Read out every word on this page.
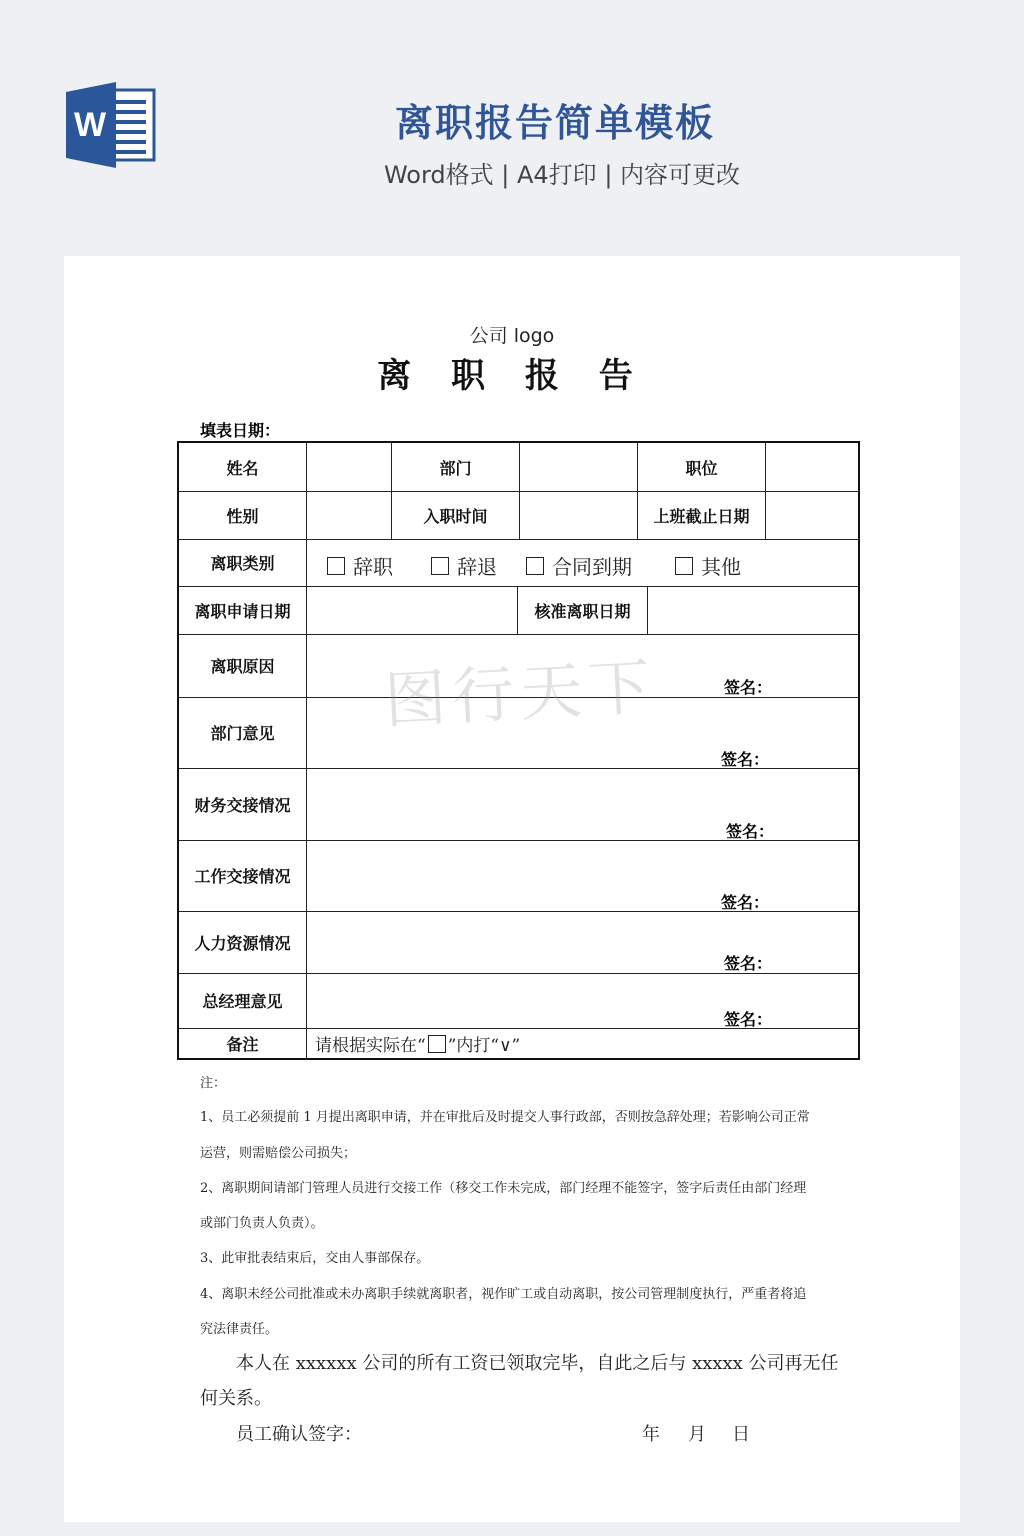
W	离职报告简单模板
Word格式 | A4打印 | 内容可更改
公司 logo
离 职 报 告
填表日期：
姓名	部门	职位
性别	入职时间	上班截止日期
离职类别	辞职	辞退	合同到期	其他
离职申请日期	核准离职日期
离职原因
签名：
部门意见
签名：
财务交接情况
签名：
工作交接情况
签名：
人力资源情况
签名：
总经理意见
签名：
备注	请根据实际在“ ”内打“∨”
图行天下
注：
1、员工必须提前 1 月提出离职申请，并在审批后及时提交人事行政部，否则按急辞处理；若影响公司正常
运营，则需赔偿公司损失；
2、离职期间请部门管理人员进行交接工作（移交工作未完成，部门经理不能签字，签字后责任由部门经理
或部门负责人负责）。
3、此审批表结束后，交由人事部保存。
4、离职未经公司批准或未办离职手续就离职者，视作旷工或自动离职，按公司管理制度执行，严重者将追
究法律责任。
本人在 xxxxxx 公司的所有工资已领取完毕，自此之后与 xxxxx 公司再无任
何关系。
员工确认签字：	年 月 日
